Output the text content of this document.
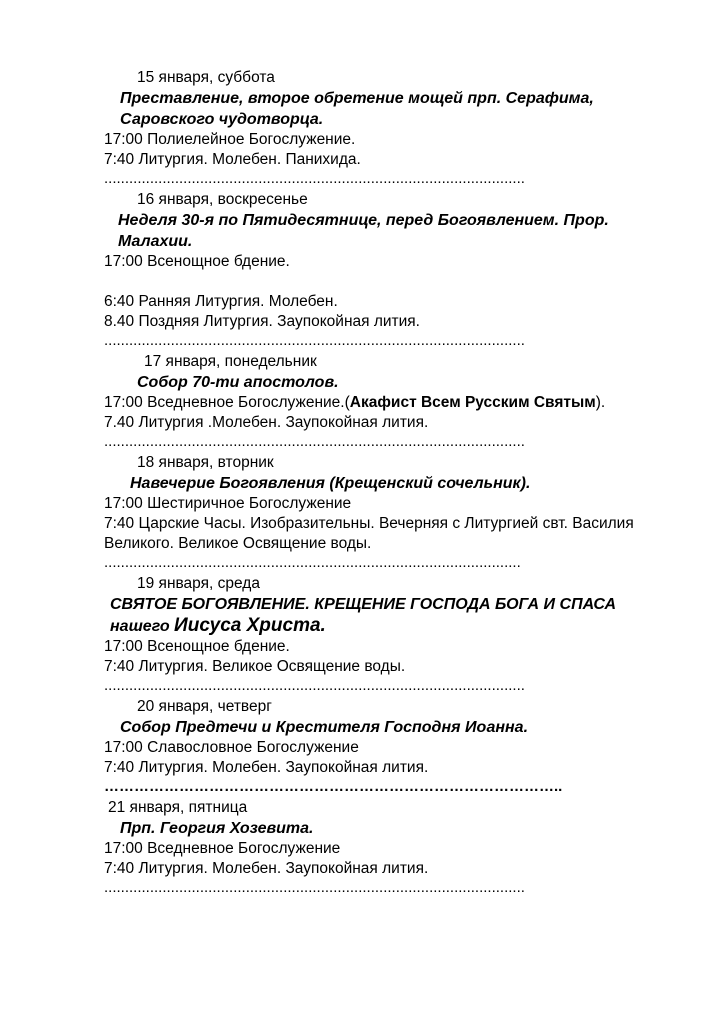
15 января, суббота
Преставление, второе обретение мощей прп. Серафима, Саровского чудотворца.
17:00 Полиелейное Богослужение.
7:40 Литургия. Молебен. Панихида.
.....................................................................................................
16 января, воскресенье
Неделя 30-я по Пятидесятнице, перед Богоявлением. Прор. Малахии.
17:00 Всенощное бдение.
6:40 Ранняя Литургия. Молебен.
8.40 Поздняя Литургия. Заупокойная лития.
.....................................................................................................
17 января, понедельник
Собор 70-ти апостолов.
17:00 Вседневное Богослужение.(Акафист Всем Русским Святым).
7.40 Литургия .Молебен. Заупокойная лития.
.....................................................................................................
18 января, вторник
Навечерие Богоявления (Крещенский сочельник).
17:00 Шестиричное Богослужение
7:40 Царские Часы. Изобразительны. Вечерняя с Литургией свт. Василия Великого. Великое Освящение воды.
....................................................................................................
19 января, среда
СВЯТОЕ БОГОЯВЛЕНИЕ. КРЕЩЕНИЕ ГОСПОДА БОГА И СПАСА нашего Иисуса Христа.
17:00 Всенощное бдение.
7:40 Литургия. Великое Освящение воды.
.....................................................................................................
20 января, четверг
Собор Предтечи и Крестителя Господня Иоанна.
17:00 Славословное Богослужение
7:40 Литургия. Молебен. Заупокойная лития.
………………………………………………………………………………..
21 января, пятница
Прп. Георгия Хозевита.
17:00 Вседневное Богослужение
7:40 Литургия. Молебен. Заупокойная лития.
.....................................................................................................
